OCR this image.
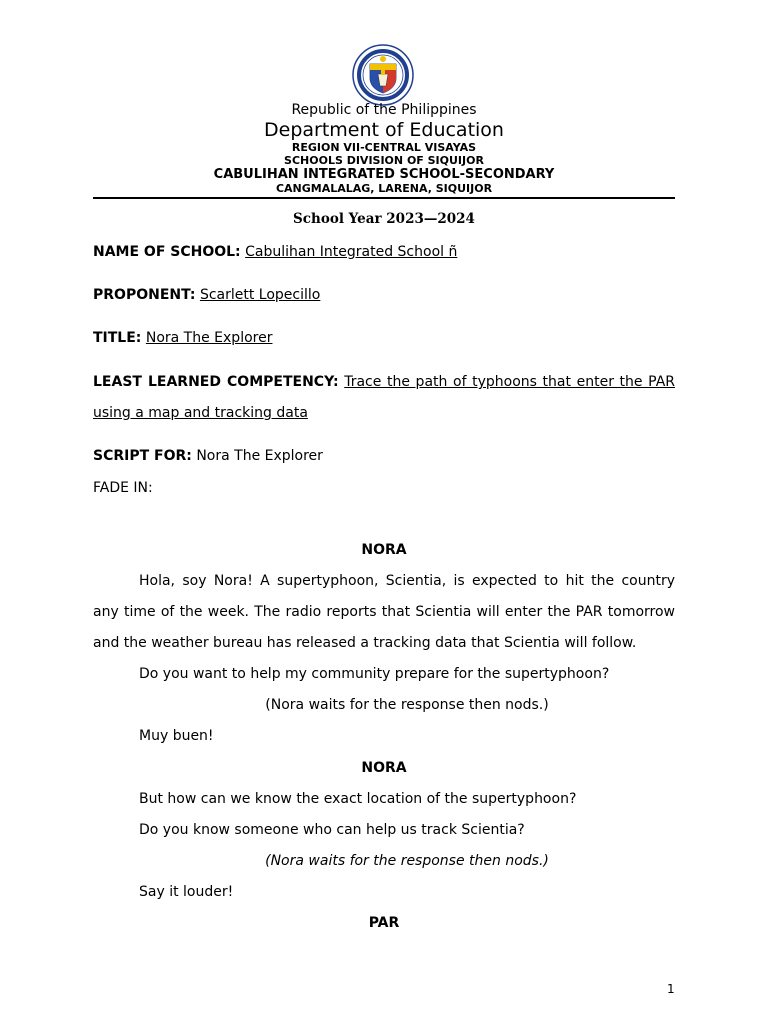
Republic of the Philippines
Department of Education
REGION VII-CENTRAL VISAYAS
SCHOOLS DIVISION OF SIQUIJOR
CABULIHAN INTEGRATED SCHOOL-SECONDARY
CANGMALALAG, LARENA, SIQUIJOR
School Year 2023—2024
NAME OF SCHOOL: Cabulihan Integrated School ñ
PROPONENT: Scarlett Lopecillo
TITLE: Nora The Explorer
LEAST LEARNED COMPETENCY: Trace the path of typhoons that enter the PAR
using a map and tracking data
SCRIPT FOR: Nora The Explorer
FADE IN:
NORA
Hola, soy Nora! A supertyphoon, Scientia, is expected to hit the country
any time of the week. The radio reports that Scientia will enter the PAR tomorrow
and the weather bureau has released a tracking data that Scientia will follow.
Do you want to help my community prepare for the supertyphoon?
(Nora waits for the response then nods.)
Muy buen!
NORA
But how can we know the exact location of the supertyphoon?
Do you know someone who can help us track Scientia?
(Nora waits for the response then nods.)
Say it louder!
PAR
1
